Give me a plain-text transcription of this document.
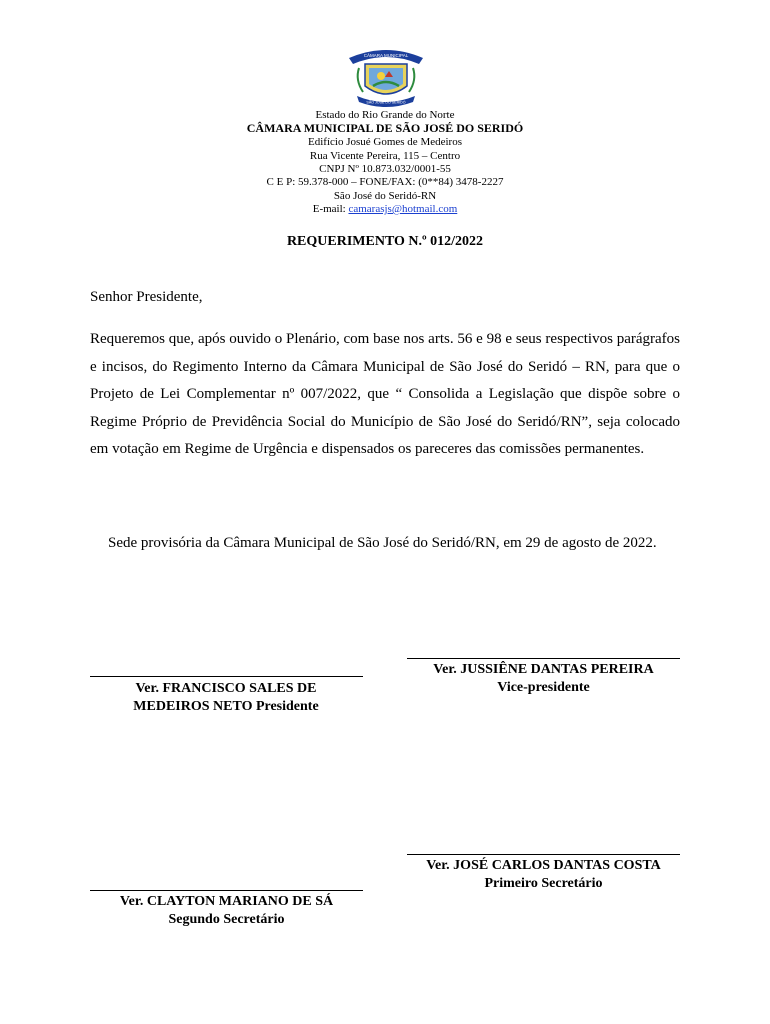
CÂMARA MUNICIPAL
SÃO JOSÉ DO SERIDÓ
Estado do Rio Grande do Norte
CÂMARA MUNICIPAL DE SÃO JOSÉ DO SERIDÓ
Edifício Josué Gomes de Medeiros
Rua Vicente Pereira, 115 – Centro
CNPJ Nº 10.873.032/0001-55
C E P: 59.378-000 – FONE/FAX: (0**84) 3478-2227
São José do Seridó-RN
E-mail: camarasjs@hotmail.com
REQUERIMENTO N.º 012/2022
Senhor Presidente,
Requeremos que, após ouvido o Plenário, com base nos arts. 56 e 98 e seus respectivos parágrafos e incisos, do Regimento Interno da Câmara Municipal de São José do Seridó – RN, para que o Projeto de Lei Complementar nº 007/2022, que “ Consolida a Legislação que dispõe sobre o Regime Próprio de Previdência Social do Município de São José do Seridó/RN”, seja colocado em votação em Regime de Urgência e dispensados os pareceres das comissões permanentes.
Sede provisória da Câmara Municipal de São José do Seridó/RN, em 29 de agosto de 2022.
Ver. FRANCISCO SALES DE MEDEIROS NETO Presidente
Ver. JUSSIÊNE DANTAS PEREIRA
Vice-presidente
Ver. JOSÉ CARLOS DANTAS COSTA
Primeiro Secretário
Ver. CLAYTON MARIANO DE SÁ
Segundo Secretário
